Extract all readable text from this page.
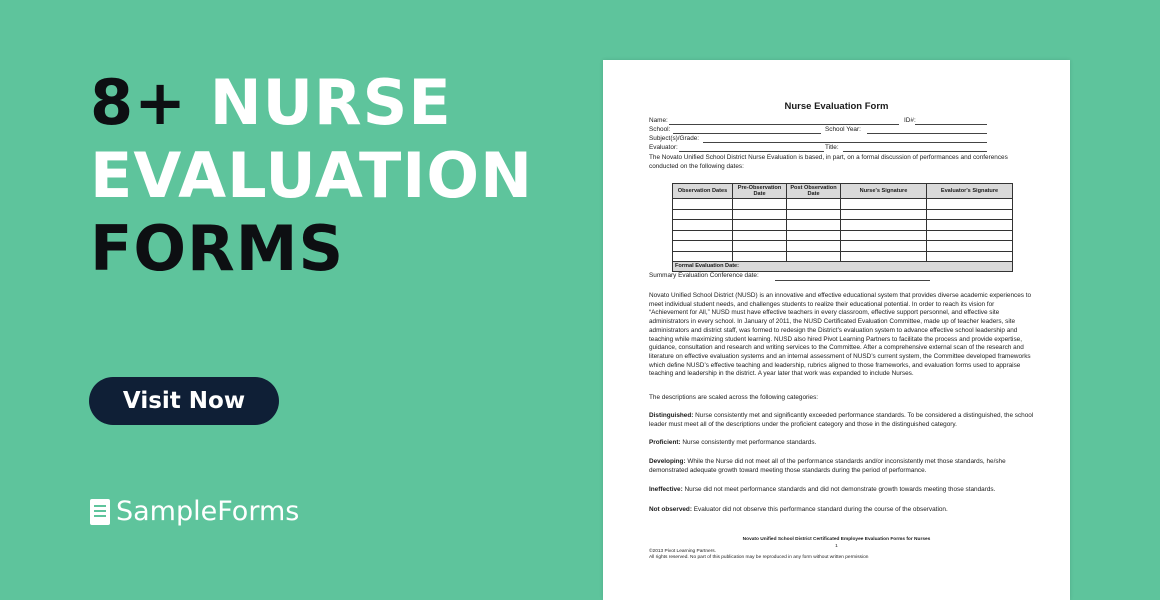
8+ NURSE
EVALUATION
FORMS
Visit Now
SampleForms
Nurse Evaluation Form
Name:	ID#:
School:	School Year:
Subject(s)/Grade:
Evaluator:	Title:
The Novato Unified School District Nurse Evaluation is based, in part, on a formal discussion of performances and conferences conducted on the following dates:
Observation Dates	Pre-Observation Date	Post Observation Date	Nurse's Signature	Evaluator's Signature

Formal Evaluation Date:				
Summary Evaluation Conference date:
Novato Unified School District (NUSD) is an innovative and effective educational system that provides diverse academic experiences to meet individual student needs, and challenges students to realize their educational potential. In order to reach its vision for “Achievement for All,” NUSD must have effective teachers in every classroom, effective support personnel, and effective site administrators in every school. In January of 2011, the NUSD Certificated Evaluation Committee, made up of teacher leaders, site administrators and district staff, was formed to redesign the District’s evaluation system to advance effective school leadership and teaching while maximizing student learning. NUSD also hired Pivot Learning Partners to facilitate the process and provide expertise, guidance, consultation and research and writing services to the Committee. After a comprehensive external scan of the research and literature on effective evaluation systems and an internal assessment of NUSD’s current system, the Committee developed frameworks which define NUSD’s effective teaching and leadership, rubrics aligned to those frameworks, and evaluation forms used to appraise teaching and leadership in the district. A year later that work was expanded to include Nurses.
The descriptions are scaled across the following categories:
Distinguished: Nurse consistently met and significantly exceeded performance standards. To be considered a distinguished, the school leader must meet all of the descriptions under the proficient category and those in the distinguished category.
Proficient: Nurse consistently met performance standards.
Developing: While the Nurse did not meet all of the performance standards and/or inconsistently met those standards, he/she demonstrated adequate growth toward meeting those standards during the period of performance.
Ineffective: Nurse did not meet performance standards and did not demonstrate growth towards meeting those standards.
Not observed: Evaluator did not observe this performance standard during the course of the observation.
Novato Unified School District Certificated Employee Evaluation Forms for Nurses
1
©2013 Pivot Learning Partners.
All rights reserved. No part of this publication may be reproduced in any form without written permission
